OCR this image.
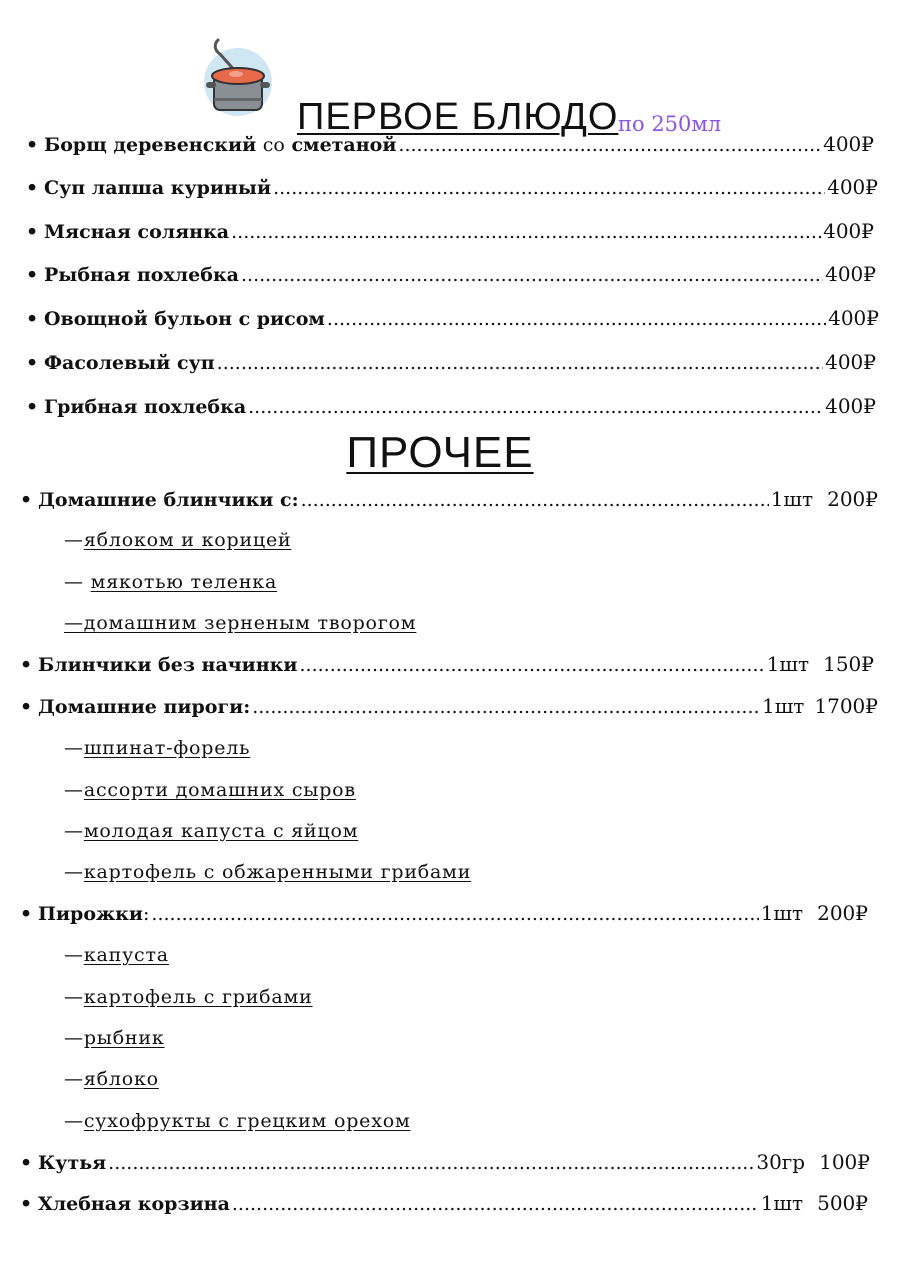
ПЕРВОЕ БЛЮДО по 250мл
• Борщ деревенский со сметаной .....	400₽
• Суп лапша куриный .....	400₽
• Мясная солянка .....	400₽
• Рыбная похлебка .....	400₽
• Овощной бульон с рисом .....	400₽
• Фасолевый суп .....	400₽
• Грибная похлебка .....	400₽
ПРОЧЕЕ
• Домашние блинчики с: .....	1шт 200₽
—яблоком и корицей
— мякотью теленка
—домашним зерненым творогом
• Блинчики без начинки .....	1шт 150₽
• Домашние пироги: .....	1шт 1700₽
—шпинат-форель
—ассорти домашних сыров
—молодая капуста с яйцом
—картофель с обжаренными грибами
• Пирожки: .....	1шт 200₽
—капуста
—картофель с грибами
—рыбник
—яблоко
—сухофрукты с грецким орехом
• Кутья .....	30гр 100₽
• Хлебная корзина .....	1шт 500₽
